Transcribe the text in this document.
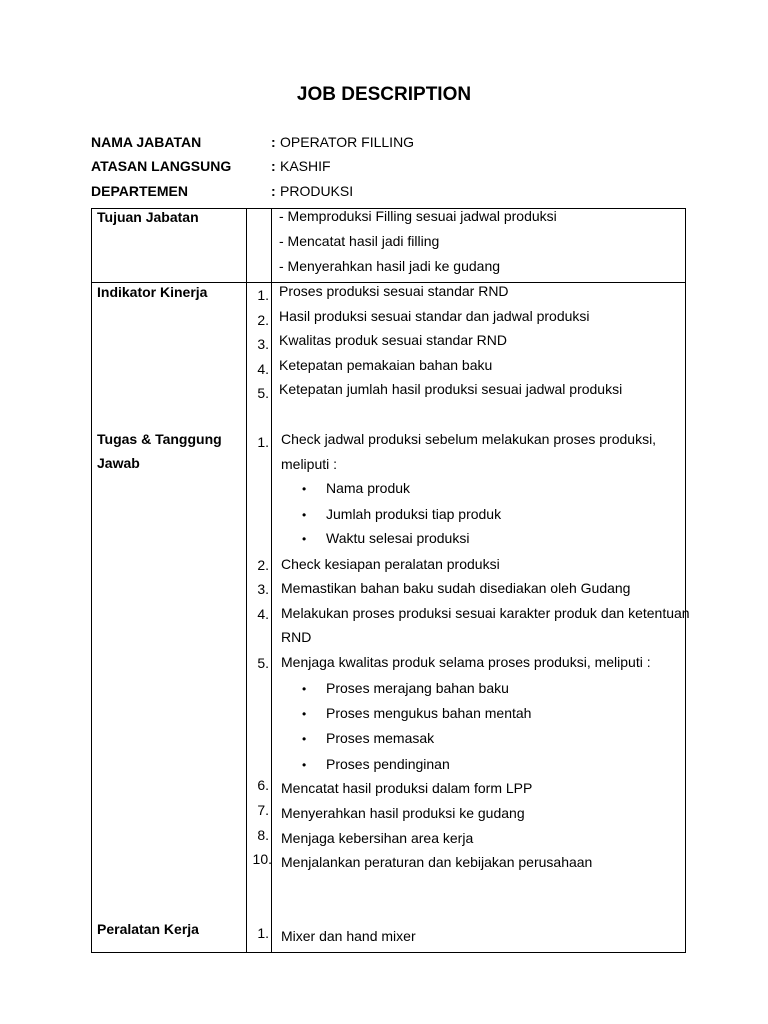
JOB DESCRIPTION
NAMA JABATAN	: OPERATOR FILLING
ATASAN LANGSUNG	: KASHIF
DEPARTEMEN	: PRODUKSI
Tujuan Jabatan	- Memproduksi Filling sesuai jadwal produksi
- Mencatat hasil jadi filling
- Menyerahkan hasil jadi ke gudang
Indikator Kinerja	1. Proses produksi sesuai standar RND
2. Hasil produksi sesuai standar dan jadwal produksi
3. Kwalitas produk sesuai standar RND
4. Ketepatan pemakaian bahan baku
5. Ketepatan jumlah hasil produksi sesuai jadwal produksi
Tugas & Tanggung
Jawab
1. Check jadwal produksi sebelum melakukan proses produksi,
meliputi :
• Nama produk
• Jumlah produksi tiap produk
• Waktu selesai produksi
2. Check kesiapan peralatan produksi
3. Memastikan bahan baku sudah disediakan oleh Gudang
4. Melakukan proses produksi sesuai karakter produk dan ketentuan
RND
5. Menjaga kwalitas produk selama proses produksi, meliputi :
• Proses merajang bahan baku
• Proses mengukus bahan mentah
• Proses memasak
• Proses pendinginan
6. Mencatat hasil produksi dalam form LPP
7. Menyerahkan hasil produksi ke gudang
8. Menjaga kebersihan area kerja
10. Menjalankan peraturan dan kebijakan perusahaan
Peralatan Kerja	1. Mixer dan hand mixer
